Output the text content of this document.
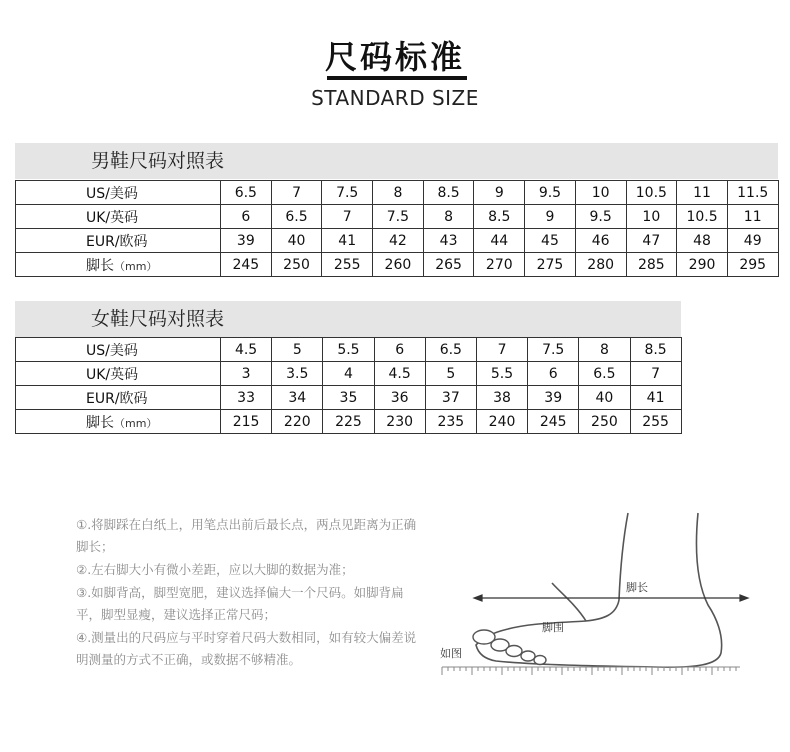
尺码标准
STANDARD SIZE
男鞋尺码对照表
US/美码	6.5	7	7.5	8	8.5	9	9.5	10	10.5	11	11.5
UK/英码	6	6.5	7	7.5	8	8.5	9	9.5	10	10.5	11
EUR/欧码	39	40	41	42	43	44	45	46	47	48	49
脚长（mm）	245	250	255	260	265	270	275	280	285	290	295
女鞋尺码对照表
US/美码	4.5	5	5.5	6	6.5	7	7.5	8	8.5
UK/英码	3	3.5	4	4.5	5	5.5	6	6.5	7
EUR/欧码	33	34	35	36	37	38	39	40	41
脚长（mm）	215	220	225	230	235	240	245	250	255

①.将脚踩在白纸上，用笔点出前后最长点，两点见距离为正确脚长；

②.左右脚大小有微小差距，应以大脚的数据为准；

③.如脚背高，脚型宽肥，建议选择偏大一个尺码。如脚背扁平，脚型显瘦，建议选择正常尺码；

④.测量出的尺码应与平时穿着尺码大数相同，如有较大偏差说明测量的方式不正确，或数据不够精准。

脚长
脚围
如图
